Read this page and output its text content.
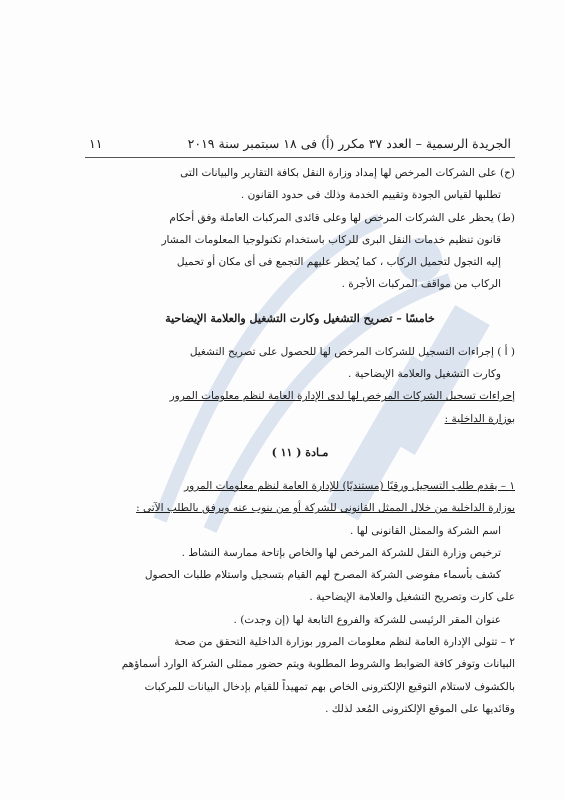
الجريدة الرسمية – العدد ٣٧ مكرر (أ) فى ١٨ سبتمبر سنة ٢٠١٩
١١

(ح) على الشركات المرخص لها إمداد وزارة النقل بكافة التقارير والبيانات التى

تطلبها لقياس الجودة وتقييم الخدمة وذلك فى حدود القانون .

(ط) يحظر على الشركات المرخص لها وعلى قائدى المركبات العاملة وفق أحكام

قانون تنظيم خدمات النقل البرى للركاب باستخدام تكنولوجيا المعلومات المشار

إليه التجول لتحميل الركاب ، كما يُحظر عليهم التجمع فى أى مكان أو تحميل

الركاب من مواقف المركبات الأجرة .

خامسًا – تصريح التشغيل وكارت التشغيل والعلامة الإيضاحية

( أ ) إجراءات التسجيل للشركات المرخص لها للحصول على تصريح التشغيل

وكارت التشغيل والعلامة الإيضاحية .

إجراءات تسجيل الشركات المرخص لها لدى الإدارة العامة لنظم معلومات المرور

بوزارة الداخلية :

مـادة ( ١١ )

١ – يقدم طلب التسجيل ورقيًا (مستنديًا) للإدارة العامة لنظم معلومات المرور

بوزارة الداخلية من خلال الممثل القانونى للشركة أو من ينوب عنه ويرفق بالطلب الآتى :

اسم الشركة والممثل القانونى لها .

ترخيص وزارة النقل للشركة المرخص لها والخاص بإتاحة ممارسة النشاط .

كشف بأسماء مفوضى الشركة المصرح لهم القيام بتسجيل واستلام طلبات الحصول

على كارت وتصريح التشغيل والعلامة الإيضاحية .

عنوان المقر الرئيسى للشركة والفروع التابعة لها (إن وجدت) .

٢ – تتولى الإدارة العامة لنظم معلومات المرور بوزارة الداخلية التحقق من صحة

البيانات وتوفر كافة الضوابط والشروط المطلوبة ويتم حضور ممثلى الشركة الوارد أسماؤهم

بالكشوف لاستلام التوقيع الإلكترونى الخاص بهم تمهيداً للقيام بإدخال البيانات للمركبات

وقائديها على الموقع الإلكترونى المُعد لذلك .
